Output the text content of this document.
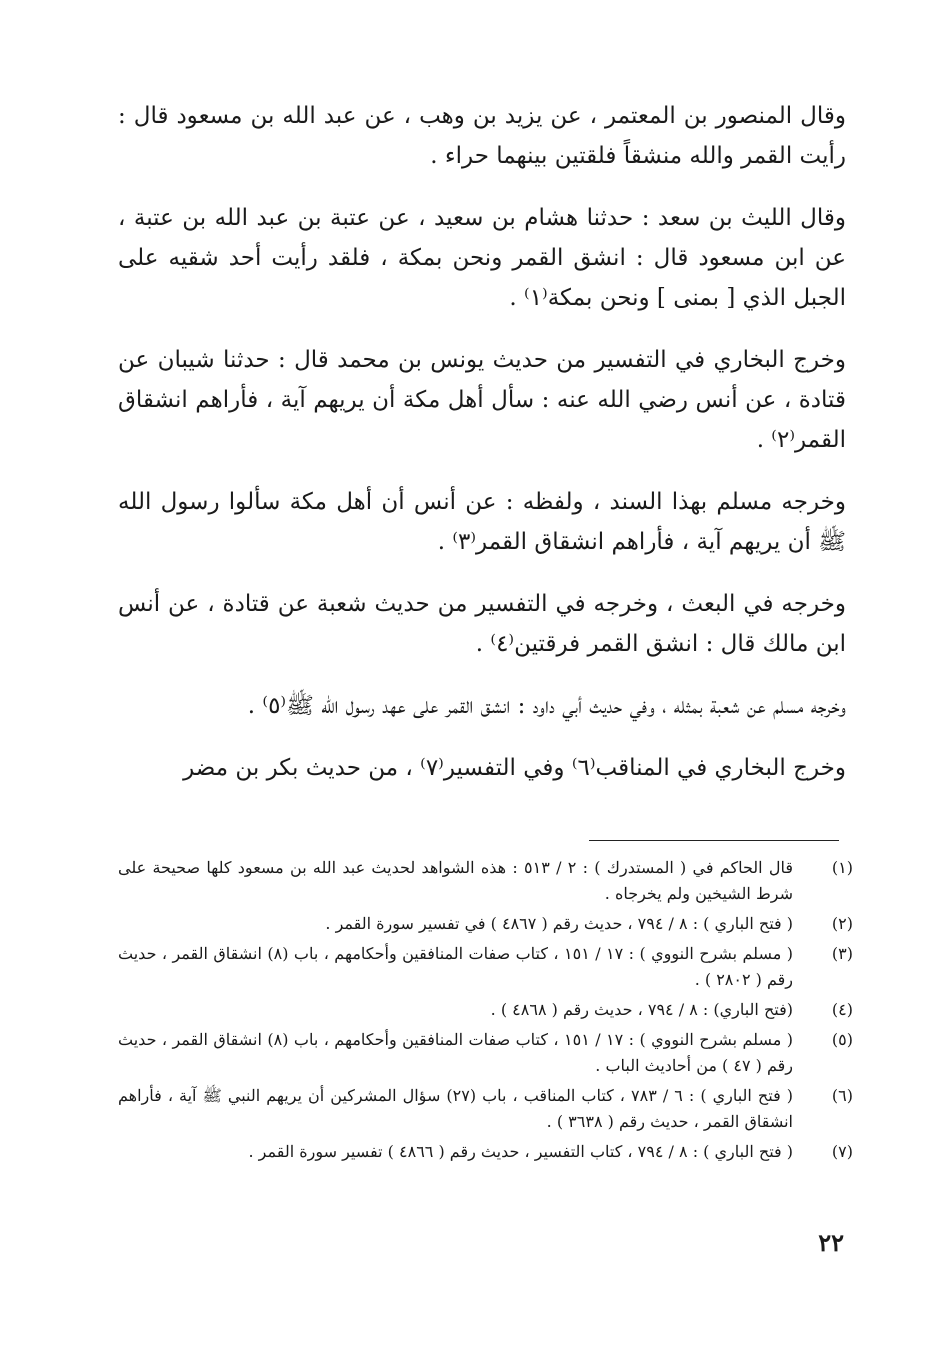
وقال المنصور بن المعتمر ، عن يزيد بن وهب ، عن عبد الله بن مسعود قال : رأيت القمر والله منشقاً فلقتين بينهما حراء .

وقال الليث بن سعد : حدثنا هشام بن سعيد ، عن عتبة بن عبد الله بن عتبة ، عن ابن مسعود قال : انشق القمر ونحن بمكة ، فلقد رأيت أحد شقيه على الجبل الذي [ بمنى ] ونحن بمكة⁽١⁾ .

وخرج البخاري في التفسير من حديث يونس بن محمد قال : حدثنا شيبان عن قتادة ، عن أنس رضي الله عنه : سأل أهل مكة أن يريهم آية ، فأراهم انشقاق القمر⁽٢⁾ .

وخرجه مسلم بهذا السند ، ولفظه : عن أنس أن أهل مكة سألوا رسول الله ﷺ أن يريهم آية ، فأراهم انشقاق القمر⁽٣⁾ .

وخرجه في البعث ، وخرجه في التفسير من حديث شعبة عن قتادة ، عن أنس ابن مالك قال : انشق القمر فرقتين⁽٤⁾ .

وخرجه مسلم عن شعبة بمثله ، وفي حديث أبي داود : انشق القمر على عهد رسول الله ﷺ⁽٥⁾ .

وخرج البخاري في المناقب⁽٦⁾ وفي التفسير⁽٧⁾ ، من حديث بكر بن مضر

(١)
قال الحاكم في ( المستدرك ) : ٢ / ٥١٣ : هذه الشواهد لحديث عبد الله بن مسعود كلها صحيحة على شرط الشيخين ولم يخرجاه .
(٢)
( فتح الباري ) : ٨ / ٧٩٤ ، حديث رقم ( ٤٨٦٧ ) في تفسير سورة القمر .
(٣)
( مسلم بشرح النووي ) : ١٧ / ١٥١ ، كتاب صفات المنافقين وأحكامهم ، باب (٨) انشقاق القمر ، حديث رقم ( ٢٨٠٢ ) .
(٤)
(فتح الباري) : ٨ / ٧٩٤ ، حديث رقم ( ٤٨٦٨ ) .
(٥)
( مسلم بشرح النووي ) : ١٧ / ١٥١ ، كتاب صفات المنافقين وأحكامهم ، باب (٨) انشقاق القمر ، حديث رقم ( ٤٧ ) من أحاديث الباب .
(٦)
( فتح الباري ) : ٦ / ٧٨٣ ، كتاب المناقب ، باب (٢٧) سؤال المشركين أن يريهم النبي ﷺ آية ، فأراهم انشقاق القمر ، حديث رقم ( ٣٦٣٨ ) .
(٧)
( فتح الباري ) : ٨ / ٧٩٤ ، كتاب التفسير ، حديث رقم ( ٤٨٦٦ ) تفسير سورة القمر .
٢٢
